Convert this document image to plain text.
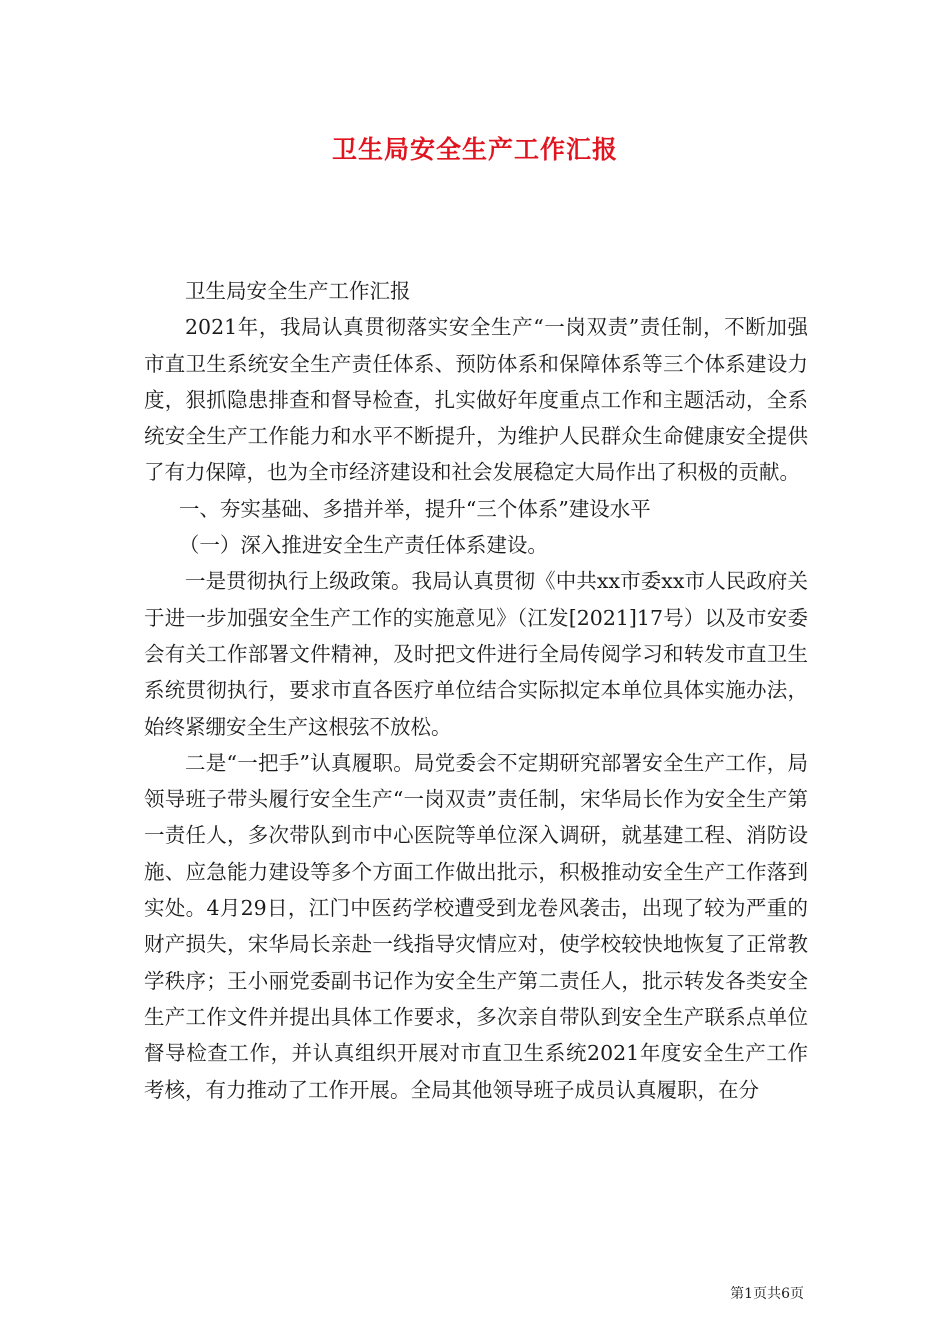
卫生局安全生产工作汇报

卫生局安全生产工作汇报

2021年，我局认真贯彻落实安全生产“一岗双责”责任制，不断加强市直卫生系统安全生产责任体系、预防体系和保障体系等三个体系建设力度，狠抓隐患排查和督导检查，扎实做好年度重点工作和主题活动，全系统安全生产工作能力和水平不断提升，为维护人民群众生命健康安全提供了有力保障，也为全市经济建设和社会发展稳定大局作出了积极的贡献。

一、夯实基础、多措并举，提升“三个体系”建设水平

（一）深入推进安全生产责任体系建设。

一是贯彻执行上级政策。我局认真贯彻《中共xx市委xx市人民政府关于进一步加强安全生产工作的实施意见》（江发[2021]17号）以及市安委会有关工作部署文件精神，及时把文件进行全局传阅学习和转发市直卫生系统贯彻执行，要求市直各医疗单位结合实际拟定本单位具体实施办法，始终紧绷安全生产这根弦不放松。

二是“一把手”认真履职。局党委会不定期研究部署安全生产工作，局领导班子带头履行安全生产“一岗双责”责任制，宋华局长作为安全生产第一责任人，多次带队到市中心医院等单位深入调研，就基建工程、消防设施、应急能力建设等多个方面工作做出批示，积极推动安全生产工作落到实处。4月29日，江门中医药学校遭受到龙卷风袭击，出现了较为严重的财产损失，宋华局长亲赴一线指导灾情应对，使学校较快地恢复了正常教学秩序；王小丽党委副书记作为安全生产第二责任人，批示转发各类安全生产工作文件并提出具体工作要求，多次亲自带队到安全生产联系点单位督导检查工作，并认真组织开展对市直卫生系统2021年度安全生产工作考核，有力推动了工作开展。全局其他领导班子成员认真履职，在分

第1页共6页
